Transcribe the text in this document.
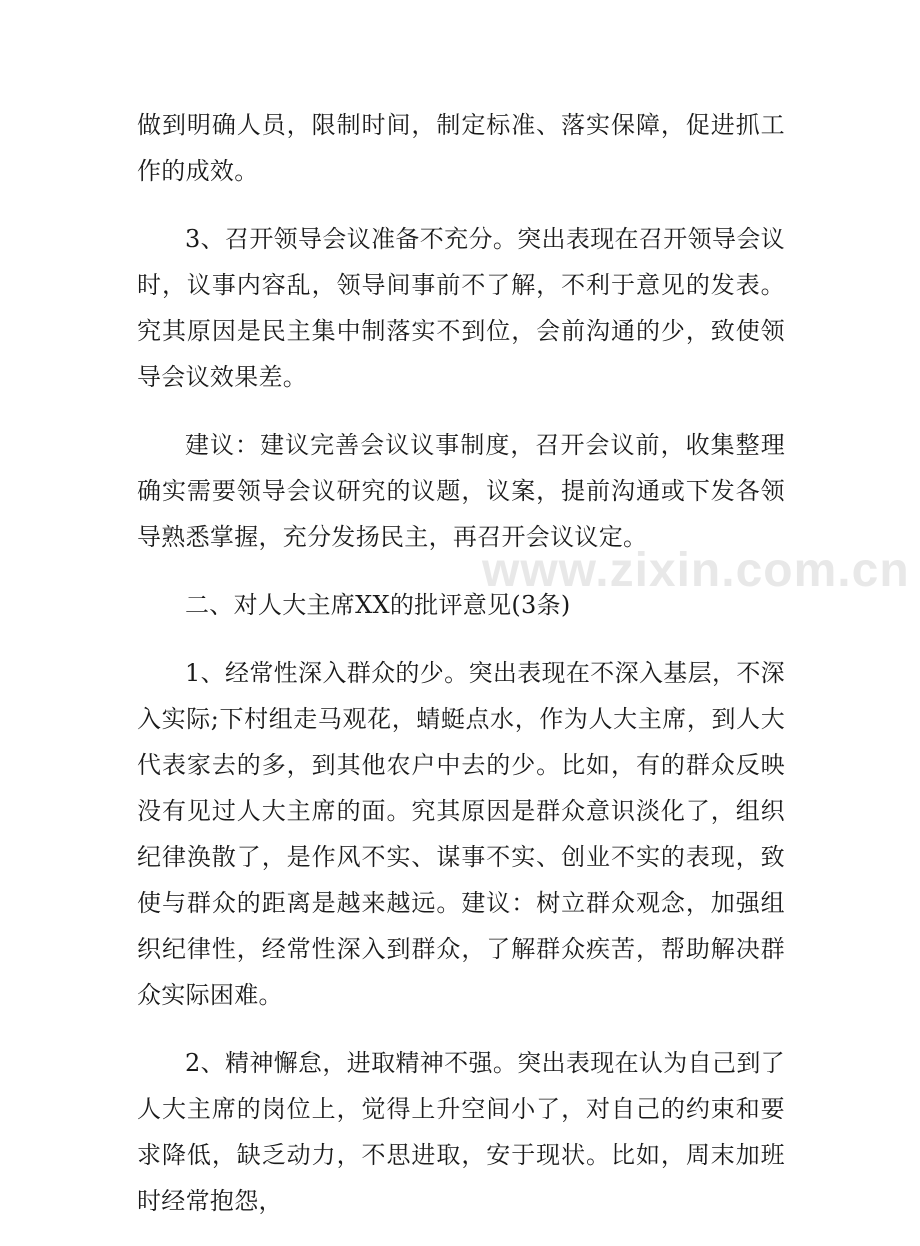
做到明确人员，限制时间，制定标准、落实保障，促进抓工作的成效。

3、召开领导会议准备不充分。突出表现在召开领导会议时，议事内容乱，领导间事前不了解，不利于意见的发表。究其原因是民主集中制落实不到位，会前沟通的少，致使领导会议效果差。

建议：建议完善会议议事制度，召开会议前，收集整理确实需要领导会议研究的议题，议案，提前沟通或下发各领导熟悉掌握，充分发扬民主，再召开会议议定。

二、对人大主席XX的批评意见(3条)

1、经常性深入群众的少。突出表现在不深入基层，不深入实际;下村组走马观花，蜻蜓点水，作为人大主席，到人大代表家去的多，到其他农户中去的少。比如，有的群众反映没有见过人大主席的面。究其原因是群众意识淡化了，组织纪律涣散了，是作风不实、谋事不实、创业不实的表现，致使与群众的距离是越来越远。建议：树立群众观念，加强组织纪律性，经常性深入到群众，了解群众疾苦，帮助解决群众实际困难。

2、精神懈怠，进取精神不强。突出表现在认为自己到了人大主席的岗位上，觉得上升空间小了，对自己的约束和要求降低，缺乏动力，不思进取，安于现状。比如，周末加班时经常抱怨，

www.zixin.com.cn
